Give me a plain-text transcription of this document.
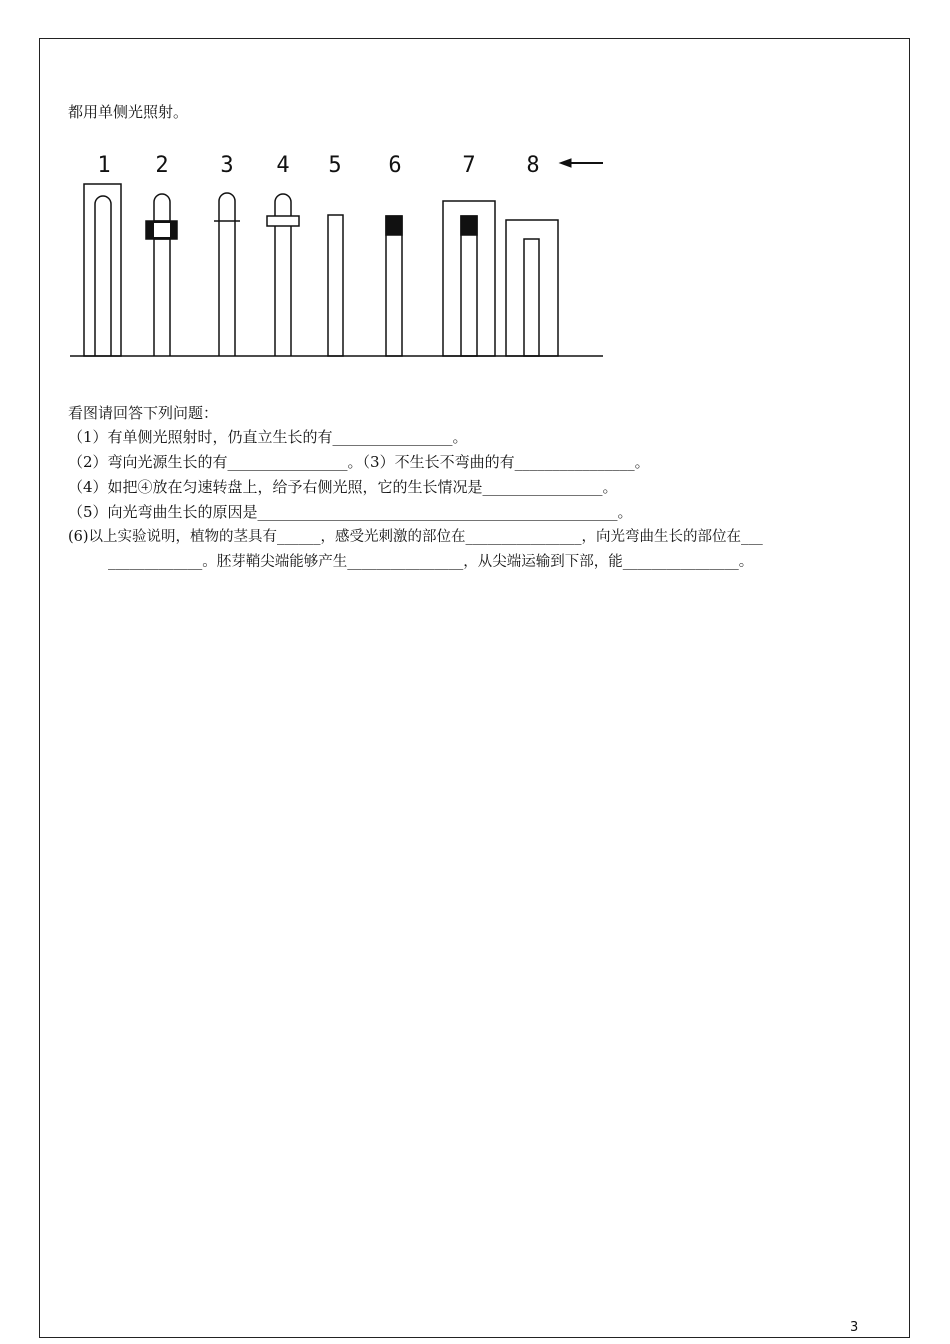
都用单侧光照射。
1 2 3 4 5 6	7 8
看图请回答下列问题：
（1）有单侧光照射时，仍直立生长的有________________。
（2）弯向光源生长的有________________。（3）不生长不弯曲的有________________。
（4）如把④放在匀速转盘上，给予右侧光照，它的生长情况是________________。
（5）向光弯曲生长的原因是________________________________________________。
(6)以上实验说明，植物的茎具有______，感受光刺激的部位在________________，向光弯曲生长的部位在___
_____________。胚芽鞘尖端能够产生________________，从尖端运输到下部，能________________。
3
